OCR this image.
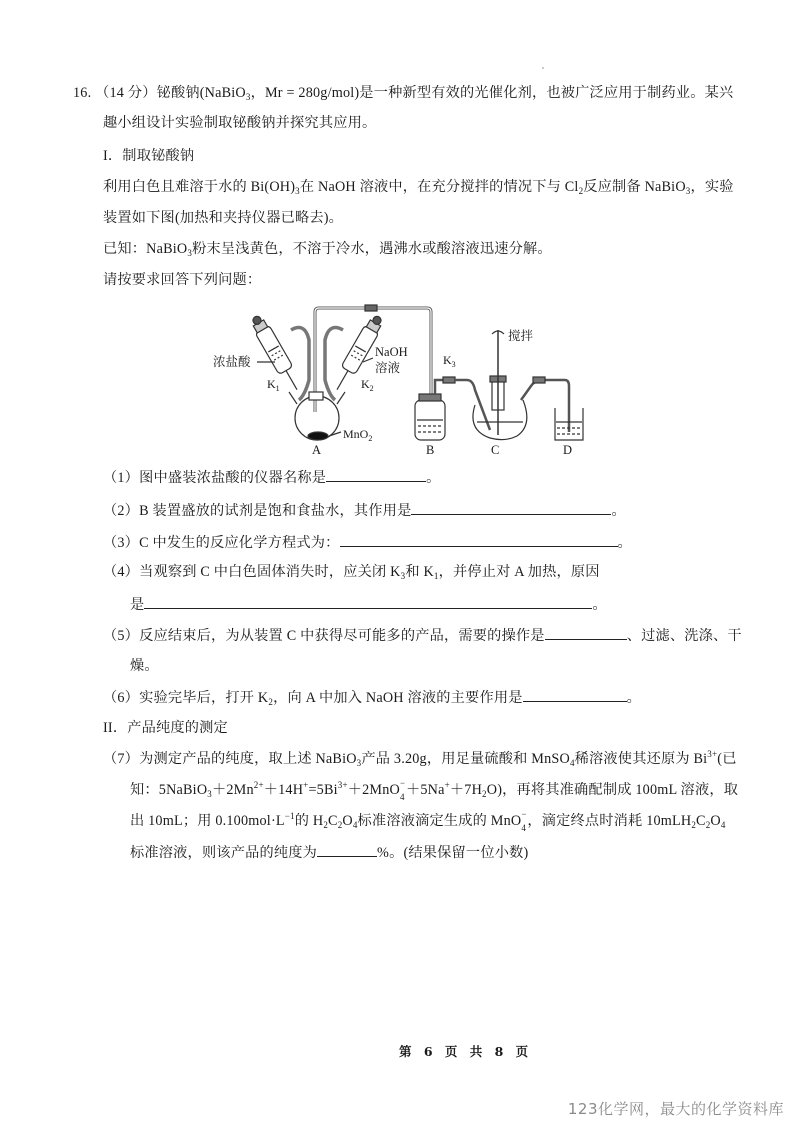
16. （14 分）铋酸钠(NaBiO$_3$，Mr = 280g/mol)是一种新型有效的光催化剂，也被广泛应用于制药业。某兴
趣小组设计实验制取铋酸钠并探究其应用。
I．制取铋酸钠
利用白色且难溶于水的 $Bi(OH)_3$在 NaOH 溶液中，在充分搅拌的情况下与 $Cl_2$反应制备 NaBiO$_3$，实验
装置如下图(加热和夹持仪器已略去)。
已知：NaBiO$_3$粉末呈浅黄色，不溶于冷水，遇沸水或酸溶液迅速分解。
请按要求回答下列问题：
浓盐酸
$K_1$
NaOH
溶液
$K_2$
MnO$_2$
$K_3$
搅拌
A	B	C	D
（1）图中盛装浓盐酸的仪器名称是	。
（2）B 装置盛放的试剂是饱和食盐水，其作用是	。
（3）C 中发生的反应化学方程式为：	。
（4）当观察到 C 中白色固体消失时，应关闭 $K_3$和 $K_1$，并停止对 A 加热，原因
是	。
（5）反应结束后，为从装置 C 中获得尽可能多的产品，需要的操作是	、过滤、洗涤、干
燥。
（6）实验完毕后，打开 $K_2$，向 A 中加入 NaOH 溶液的主要作用是	。
II．产品纯度的测定
（7）为测定产品的纯度，取上述 NaBiO$_3$产品 3.20g，用足量硫酸和 MnSO$_4$稀溶液使其还原为 $Bi^{3+}$(已
知：$5NaBiO_3+2Mn^{2+}+14H^+=5Bi^{3+}+2MnO$ −
$4 +5Na^++7H_2O$)，再将其准确配制成 100mL 溶液，取
出 10mL；用 $0.100mol\cdot L^{-1}$的 $H_2C_2O_4$标准溶液滴定生成的 MnO −
4 ，滴定终点时消耗 $10mLH_2C_2O_4$
标准溶液，则该产品的纯度为	%。(结果保留一位小数)
第 6 页 共 8 页
123化学网，最大的化学资料库
